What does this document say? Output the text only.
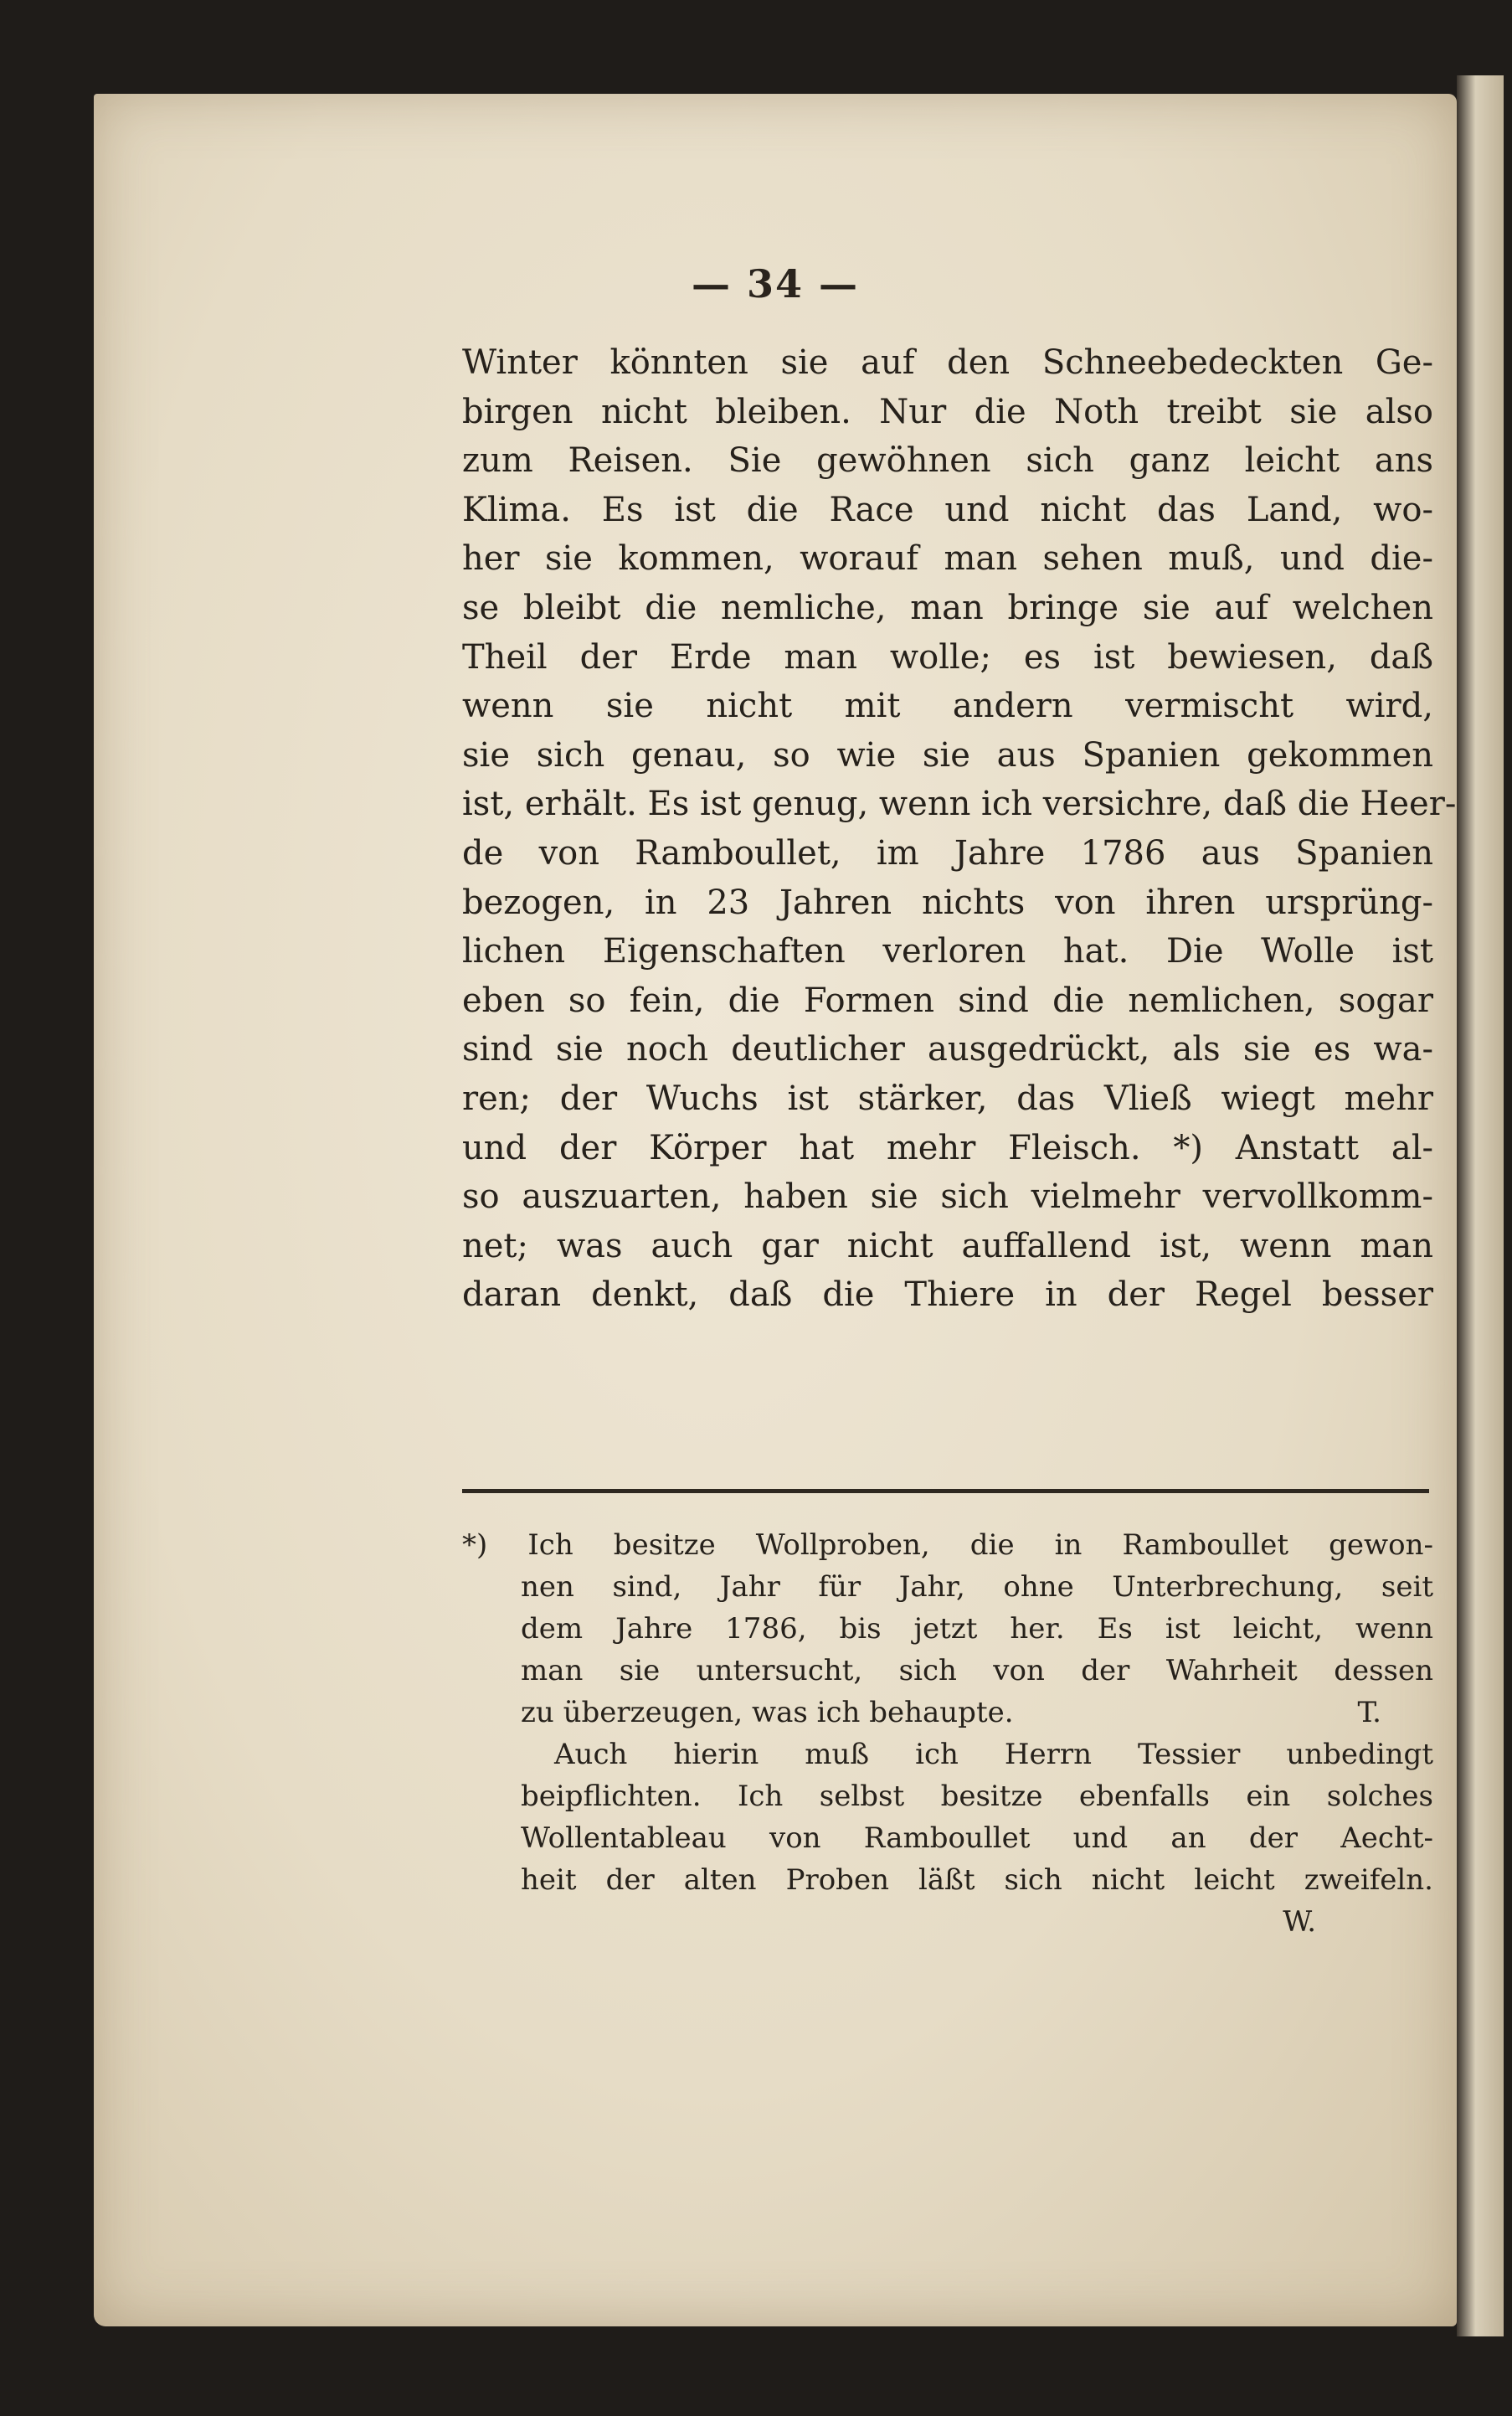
— 34 —
Winter könnten sie auf den Schneebedeckten Ge-
birgen nicht bleiben. Nur die Noth treibt sie also
zum Reisen. Sie gewöhnen sich ganz leicht ans
Klima. Es ist die Race und nicht das Land, wo-
her sie kommen, worauf man sehen muß, und die-
se bleibt die nemliche, man bringe sie auf welchen
Theil der Erde man wolle; es ist bewiesen, daß
wenn sie nicht mit andern vermischt wird,
sie sich genau, so wie sie aus Spanien gekommen
ist, erhält. Es ist genug, wenn ich versichre, daß die Heer-
de von Ramboullet, im Jahre 1786 aus Spanien
bezogen, in 23 Jahren nichts von ihren ursprüng-
lichen Eigenschaften verloren hat. Die Wolle ist
eben so fein, die Formen sind die nemlichen, sogar
sind sie noch deutlicher ausgedrückt, als sie es wa-
ren; der Wuchs ist stärker, das Vließ wiegt mehr
und der Körper hat mehr Fleisch. *) Anstatt al-
so auszuarten, haben sie sich vielmehr vervollkomm-
net; was auch gar nicht auffallend ist, wenn man
daran denkt, daß die Thiere in der Regel besser
*) Ich besitze Wollproben, die in Ramboullet gewon-
nen sind, Jahr für Jahr, ohne Unterbrechung, seit
dem Jahre 1786, bis jetzt her. Es ist leicht, wenn
man sie untersucht, sich von der Wahrheit dessen
zu überzeugen, was ich behaupte.	T.
Auch hierin muß ich Herrn Tessier unbedingt
beipflichten. Ich selbst besitze ebenfalls ein solches
Wollentableau von Ramboullet und an der Aecht-
heit der alten Proben läßt sich nicht leicht zweifeln.
W.
